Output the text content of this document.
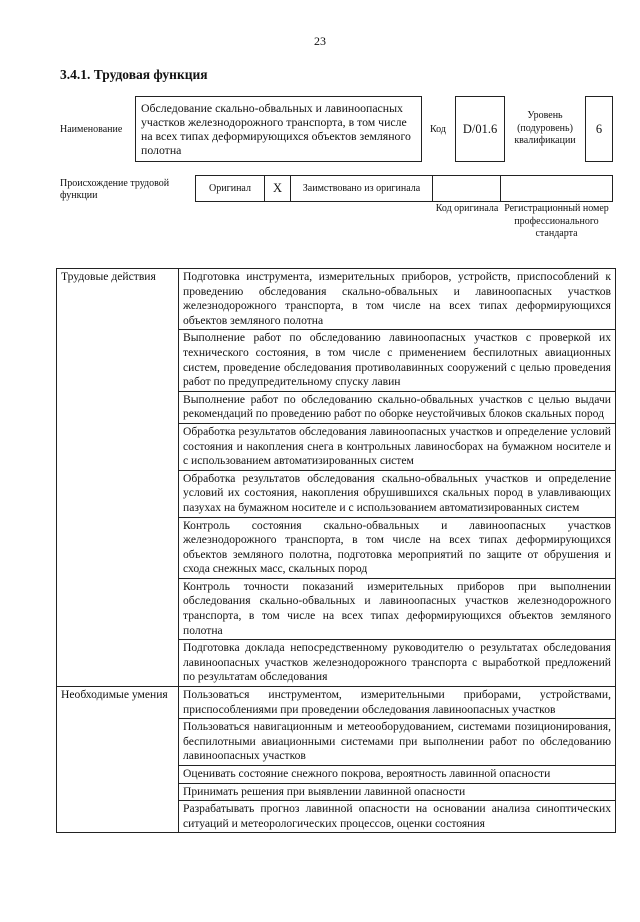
23
3.4.1. Трудовая функция
Наименование
Обследование скально-обвальных и лавиноопасных участков железнодорожного транспорта, в том числе на всех типах деформирующихся объектов земляного полотна
Код	D/01.6
Уровень (подуровень) квалификации
6
Происхождение трудовой функции
Оригинал	X	Заимствовано из оригинала
Код оригинала Регистрационный номер профессионального стандарта
Трудовые действия	Подготовка инструмента, измерительных приборов, устройств, приспособлений к проведению обследования скально-обвальных и лавиноопасных участков железнодорожного транспорта, в том числе на всех типах деформирующихся объектов земляного полотна
	Выполнение работ по обследованию лавиноопасных участков с проверкой их технического состояния, в том числе с применением беспилотных авиационных систем, проведение обследования противолавинных сооружений с целью проведения работ по предупредительному спуску лавин
	Выполнение работ по обследованию скально-обвальных участков с целью выдачи рекомендаций по проведению работ по оборке неустойчивых блоков скальных пород
	Обработка результатов обследования лавиноопасных участков и определение условий состояния и накопления снега в контрольных лавиносборах на бумажном носителе и с использованием автоматизированных систем
	Обработка результатов обследования скально-обвальных участков и определение условий их состояния, накопления обрушившихся скальных пород в улавливающих пазухах на бумажном носителе и с использованием автоматизированных систем
	Контроль состояния скально-обвальных и лавиноопасных участков железнодорожного транспорта, в том числе на всех типах деформирующихся объектов земляного полотна, подготовка мероприятий по защите от обрушения и схода снежных масс, скальных пород
	Контроль точности показаний измерительных приборов при выполнении обследования скально-обвальных и лавиноопасных участков железнодорожного транспорта, в том числе на всех типах деформирующихся объектов земляного полотна
	Подготовка доклада непосредственному руководителю о результатах обследования лавиноопасных участков железнодорожного транспорта с выработкой предложений по результатам обследования
Необходимые умения	Пользоваться инструментом, измерительными приборами, устройствами, приспособлениями при проведении обследования лавиноопасных участков
	Пользоваться навигационным и метеооборудованием, системами позиционирования, беспилотными авиационными системами при выполнении работ по обследованию лавиноопасных участков
	Оценивать состояние снежного покрова, вероятность лавинной опасности
	Принимать решения при выявлении лавинной опасности
	Разрабатывать прогноз лавинной опасности на основании анализа синоптических ситуаций и метеорологических процессов, оценки состояния
